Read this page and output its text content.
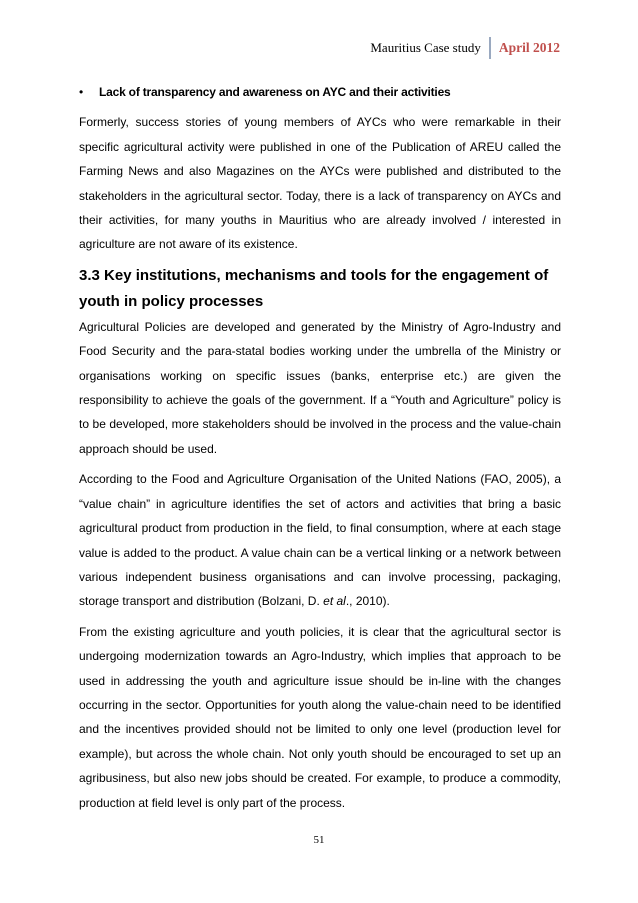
Mauritius Case study	April 2012
•	Lack of transparency and awareness on AYC and their activities

Formerly, success stories of young members of AYCs who were remarkable in their specific agricultural activity were published in one of the Publication of AREU called the Farming News and also Magazines on the AYCs were published and distributed to the stakeholders in the agricultural sector. Today, there is a lack of transparency on AYCs and their activities, for many youths in Mauritius who are already involved / interested in agriculture are not aware of its existence.

3.3 Key institutions, mechanisms and tools for the engagement of youth in policy processes

Agricultural Policies are developed and generated by the Ministry of Agro-Industry and Food Security and the para-statal bodies working under the umbrella of the Ministry or organisations working on specific issues (banks, enterprise etc.) are given the responsibility to achieve the goals of the government. If a “Youth and Agriculture” policy is to be developed, more stakeholders should be involved in the process and the value-chain approach should be used.

According to the Food and Agriculture Organisation of the United Nations (FAO, 2005), a “value chain” in agriculture identifies the set of actors and activities that bring a basic agricultural product from production in the field, to final consumption, where at each stage value is added to the product. A value chain can be a vertical linking or a network between various independent business organisations and can involve processing, packaging, storage transport and distribution (Bolzani, D. et al., 2010).

From the existing agriculture and youth policies, it is clear that the agricultural sector is undergoing modernization towards an Agro-Industry, which implies that approach to be used in addressing the youth and agriculture issue should be in-line with the changes occurring in the sector. Opportunities for youth along the value-chain need to be identified and the incentives provided should not be limited to only one level (production level for example), but across the whole chain. Not only youth should be encouraged to set up an agribusiness, but also new jobs should be created. For example, to produce a commodity, production at field level is only part of the process.

51
